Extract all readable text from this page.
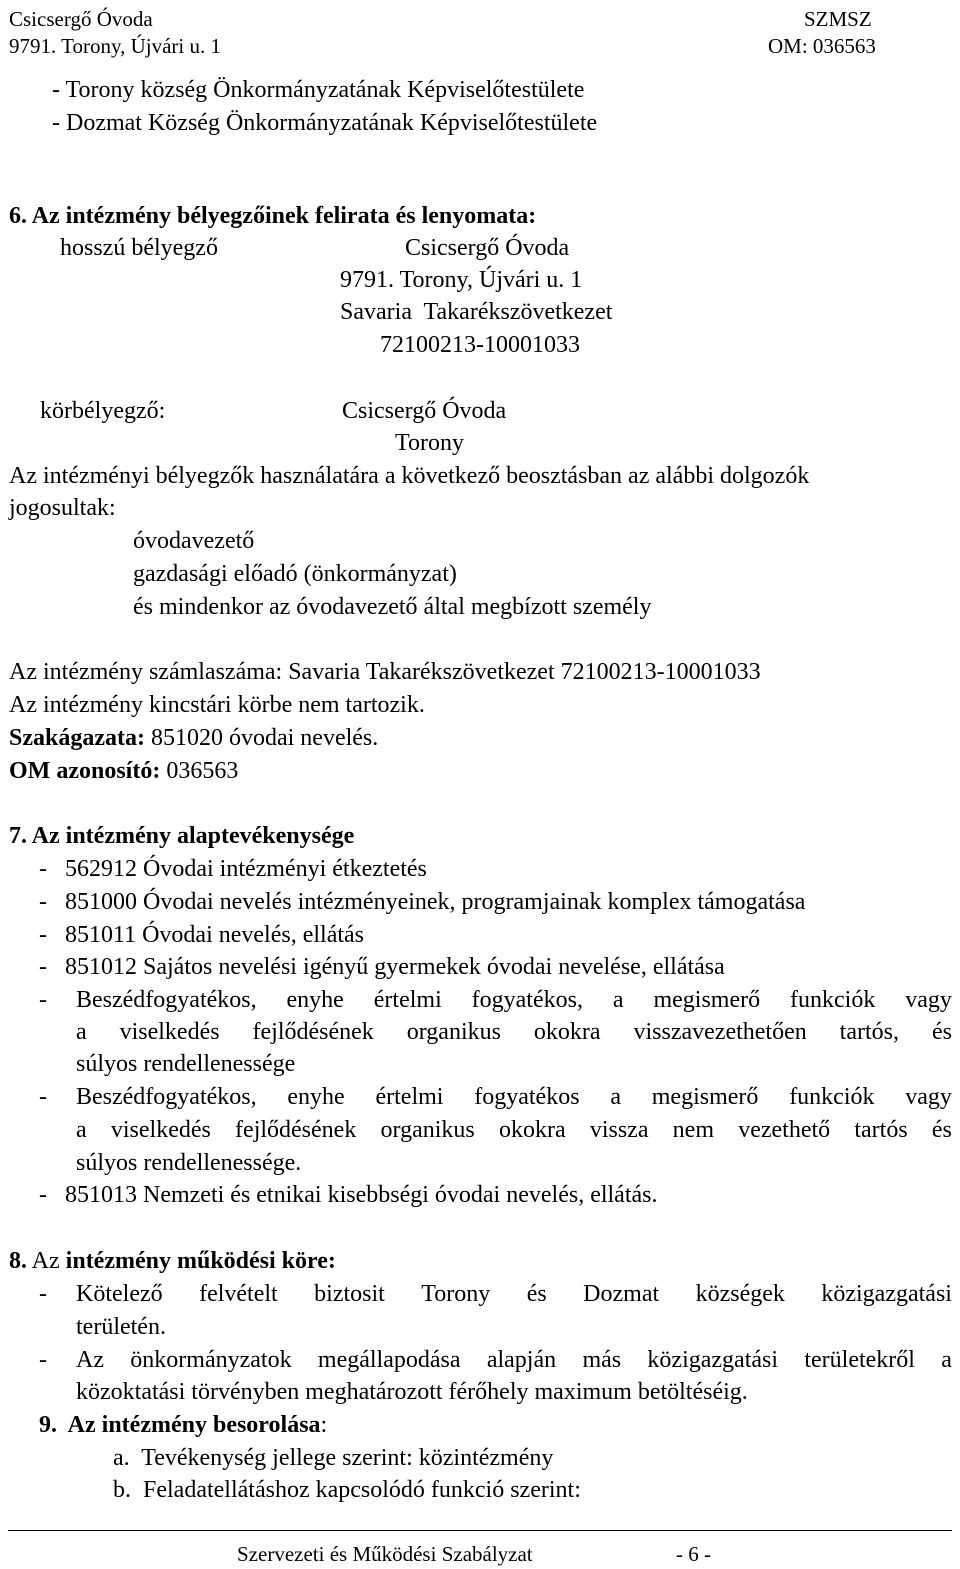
Csicsergő Óvoda	SZMSZ
9791. Torony, Újvári u. 1	OM: 036563
- Torony község Önkormányzatának Képviselőtestülete
- Dozmat Község Önkormányzatának Képviselőtestülete
6. Az intézmény bélyegzőinek felirata és lenyomata:
hosszú bélyegző	Csicsergő Óvoda
9791. Torony, Újvári u. 1
Savaria  Takarékszövetkezet
72100213-10001033
körbélyegző:	Csicsergő Óvoda
Torony
Az intézményi bélyegzők használatára a következő beosztásban az alábbi dolgozók
jogosultak:
óvodavezető
gazdasági előadó (önkormányzat)
és mindenkor az óvodavezető által megbízott személy
Az intézmény számlaszáma: Savaria Takarékszövetkezet 72100213-10001033
Az intézmény kincstári körbe nem tartozik.
Szakágazata: 851020 óvodai nevelés.
OM azonosító: 036563
7. Az intézmény alaptevékenysége
-   562912 Óvodai intézményi étkeztetés
-   851000 Óvodai nevelés intézményeinek, programjainak komplex támogatása
-   851011 Óvodai nevelés, ellátás
-   851012 Sajátos nevelési igényű gyermekek óvodai nevelése, ellátása
- Beszédfogyatékos, enyhe értelmi fogyatékos, a megismerő funkciók vagy
a viselkedés fejlődésének organikus okokra visszavezethetően tartós, és
súlyos rendellenessége
- Beszédfogyatékos, enyhe értelmi fogyatékos a megismerő funkciók vagy
a viselkedés fejlődésének organikus okokra vissza nem vezethető tartós és
súlyos rendellenessége.
-   851013 Nemzeti és etnikai kisebbségi óvodai nevelés, ellátás.
8. Az intézmény működési köre:
- Kötelező felvételt biztosit Torony és Dozmat községek közigazgatási
területén.
- Az önkormányzatok megállapodása alapján más közigazgatási területekről a
közoktatási törvényben meghatározott férőhely maximum betöltéséig.
9.  Az intézmény besorolása:
a.  Tevékenység jellege szerint: közintézmény
b.  Feladatellátáshoz kapcsolódó funkció szerint:
Szervezeti és Működési Szabályzat	- 6 -
